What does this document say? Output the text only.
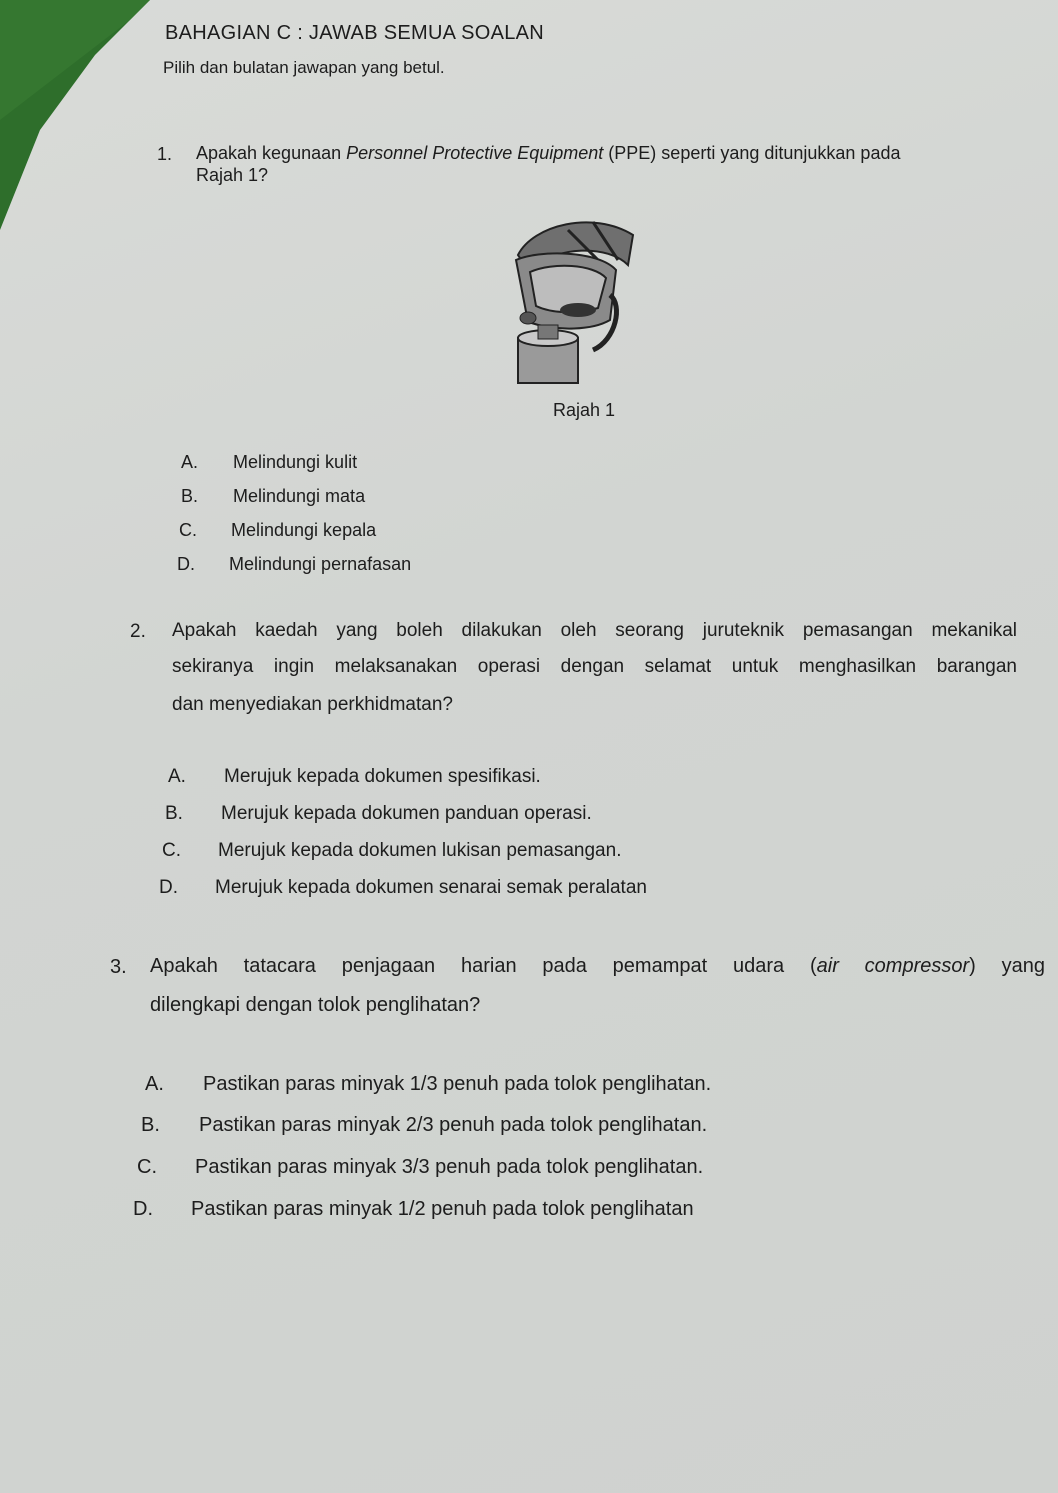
BAHAGIAN C : JAWAB SEMUA SOALAN
Pilih dan bulatan jawapan yang betul.
1. Apakah kegunaan Personnel Protective Equipment (PPE) seperti yang ditunjukkan pada
Rajah 1?
Rajah 1
A. Melindungi kulit
B. Melindungi mata
C. Melindungi kepala
D. Melindungi pernafasan
2. Apakah kaedah yang boleh dilakukan oleh seorang juruteknik pemasangan mekanikal
sekiranya ingin melaksanakan operasi dengan selamat untuk menghasilkan barangan
dan menyediakan perkhidmatan?
A. Merujuk kepada dokumen spesifikasi.
B. Merujuk kepada dokumen panduan operasi.
C. Merujuk kepada dokumen lukisan pemasangan.
D. Merujuk kepada dokumen senarai semak peralatan
3. Apakah tatacara penjagaan harian pada pemampat udara (air compressor) yang
dilengkapi dengan tolok penglihatan?
A. Pastikan paras minyak 1/3 penuh pada tolok penglihatan.
B. Pastikan paras minyak 2/3 penuh pada tolok penglihatan.
C. Pastikan paras minyak 3/3 penuh pada tolok penglihatan.
D. Pastikan paras minyak 1/2 penuh pada tolok penglihatan
